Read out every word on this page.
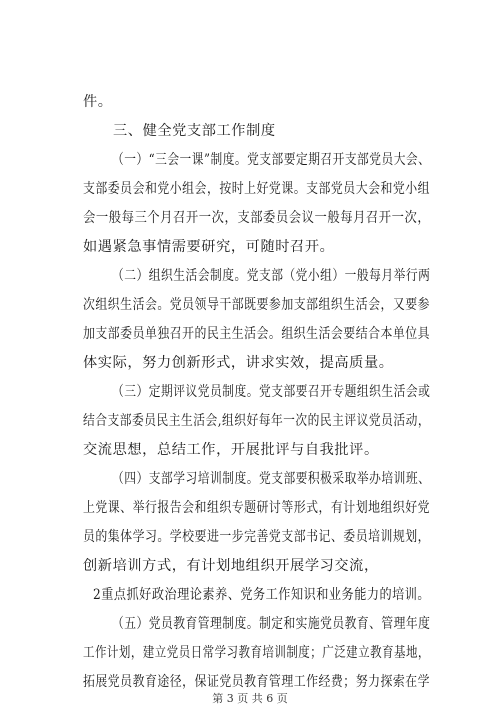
件。
三、健全党支部工作制度
（一）“三会一课”制度。党支部要定期召开支部党员大会、
支部委员会和党小组会，按时上好党课。支部党员大会和党小组
会一般每三个月召开一次，支部委员会议一般每月召开一次，
如遇紧急事情需要研究，可随时召开。
（二）组织生活会制度。党支部（党小组）一般每月举行两
次组织生活会。党员领导干部既要参加支部组织生活会，又要参
加支部委员单独召开的民主生活会。组织生活会要结合本单位具
体实际，努力创新形式，讲求实效，提高质量。
（三）定期评议党员制度。党支部要召开专题组织生活会或
结合支部委员民主生活会,组织好每年一次的民主评议党员活动，
交流思想，总结工作，开展批评与自我批评。
（四）支部学习培训制度。党支部要积极采取举办培训班、
上党课、举行报告会和组织专题研讨等形式，有计划地组织好党
员的集体学习。学校要进一步完善党支部书记、委员培训规划，
创新培训方式，有计划地组织开展学习交流，
2重点抓好政治理论素养、党务工作知识和业务能力的培训。
（五）党员教育管理制度。制定和实施党员教育、管理年度
工作计划，建立党员日常学习教育培训制度；广泛建立教育基地，
拓展党员教育途径，保证党员教育管理工作经费；努力探索在学
第 3 页 共 6 页
